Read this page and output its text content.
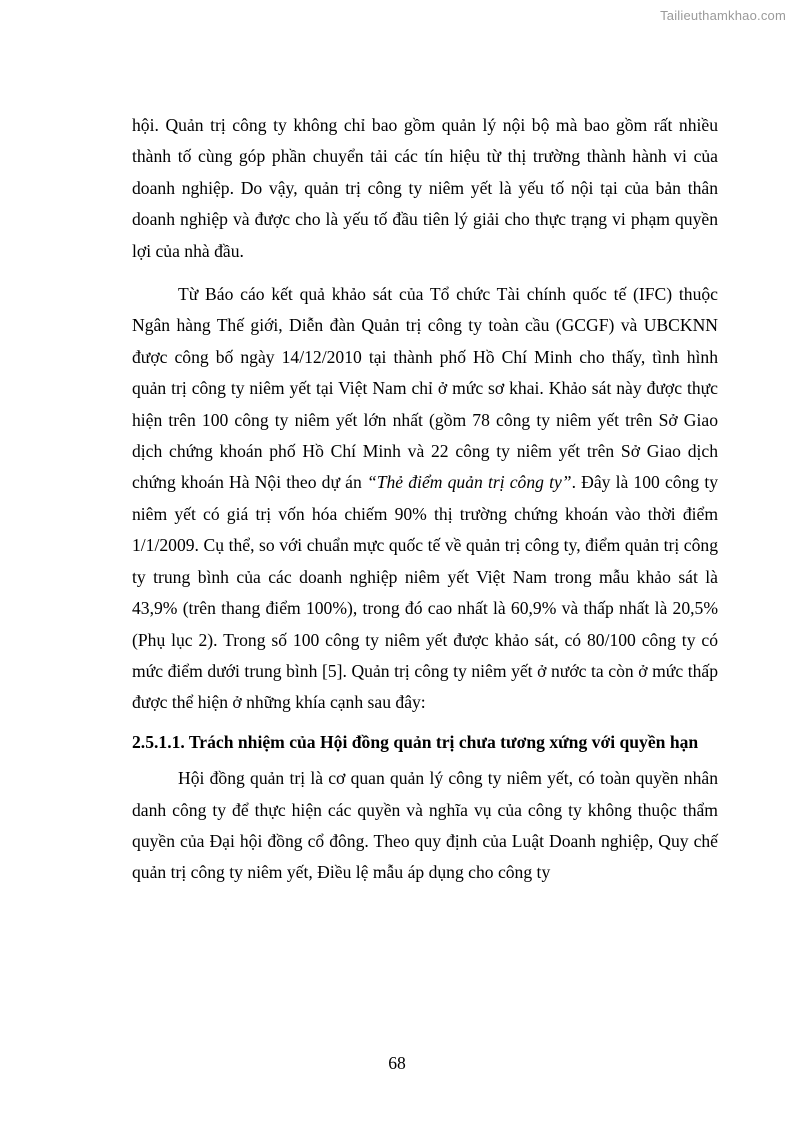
Tailieuthamkhao.com

hội. Quản trị công ty không chỉ bao gồm quản lý nội bộ mà bao gồm rất nhiều thành tố cùng góp phần chuyển tải các tín hiệu từ thị trường thành hành vi của doanh nghiệp. Do vậy, quản trị công ty niêm yết là yếu tố nội tại của bản thân doanh nghiệp và được cho là yếu tố đầu tiên lý giải cho thực trạng vi phạm quyền lợi của nhà đầu.

Từ Báo cáo kết quả khảo sát của Tổ chức Tài chính quốc tế (IFC) thuộc Ngân hàng Thế giới, Diễn đàn Quản trị công ty toàn cầu (GCGF) và UBCKNN được công bố ngày 14/12/2010 tại thành phố Hồ Chí Minh cho thấy, tình hình quản trị công ty niêm yết tại Việt Nam chỉ ở mức sơ khai. Khảo sát này được thực hiện trên 100 công ty niêm yết lớn nhất (gồm 78 công ty niêm yết trên Sở Giao dịch chứng khoán phố Hồ Chí Minh và 22 công ty niêm yết trên Sở Giao dịch chứng khoán Hà Nội theo dự án “Thẻ điểm quản trị công ty”. Đây là 100 công ty niêm yết có giá trị vốn hóa chiếm 90% thị trường chứng khoán vào thời điểm 1/1/2009. Cụ thể, so với chuẩn mực quốc tế về quản trị công ty, điểm quản trị công ty trung bình của các doanh nghiệp niêm yết Việt Nam trong mẫu khảo sát là 43,9% (trên thang điểm 100%), trong đó cao nhất là 60,9% và thấp nhất là 20,5% (Phụ lục 2). Trong số 100 công ty niêm yết được khảo sát, có 80/100 công ty có mức điểm dưới trung bình [5]. Quản trị công ty niêm yết ở nước ta còn ở mức thấp được thể hiện ở những khía cạnh sau đây:

2.5.1.1. Trách nhiệm của Hội đồng quản trị chưa tương xứng với quyền hạn

Hội đồng quản trị là cơ quan quản lý công ty niêm yết, có toàn quyền nhân danh công ty để thực hiện các quyền và nghĩa vụ của công ty không thuộc thẩm quyền của Đại hội đồng cổ đông. Theo quy định của Luật Doanh nghiệp, Quy chế quản trị công ty niêm yết, Điều lệ mẫu áp dụng cho công ty

68
